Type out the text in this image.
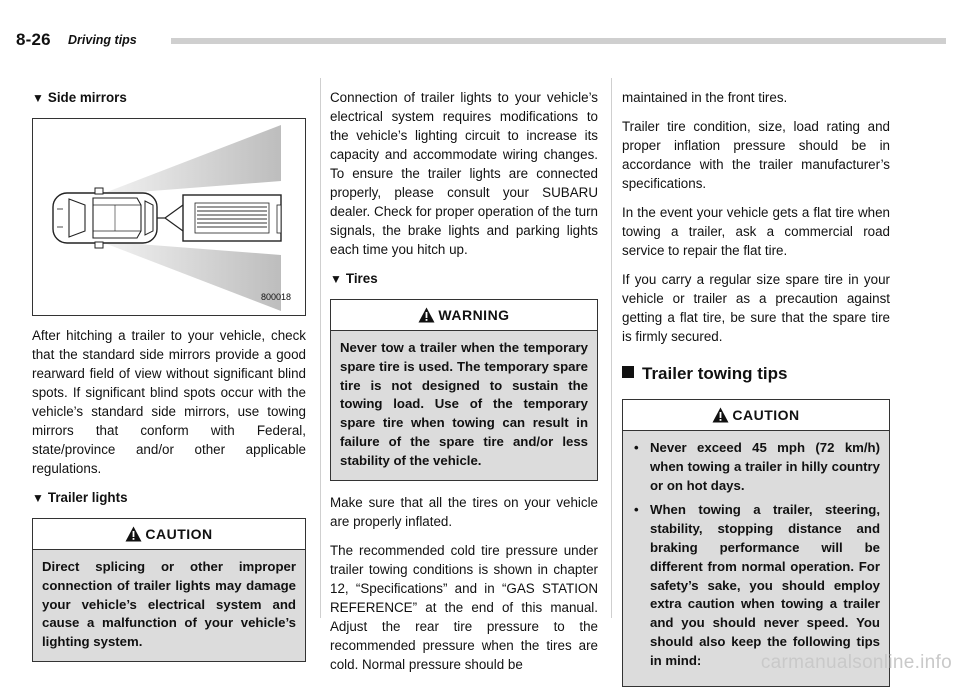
8-26 Driving tips
▼ Side mirrors
800018

After hitching a trailer to your vehicle, check that the standard side mirrors provide a good rearward field of view without significant blind spots. If significant blind spots occur with the vehicle’s standard side mirrors, use towing mirrors that conform with Federal, state/province and/or other applicable regulations.

▼ Trailer lights
CAUTION

Direct splicing or other improper connection of trailer lights may damage your vehicle’s electrical system and cause a malfunction of your vehicle’s lighting system.

Connection of trailer lights to your vehicle’s electrical system requires modifications to the vehicle’s lighting circuit to increase its capacity and accommodate wiring changes. To ensure the trailer lights are connected properly, please consult your SUBARU dealer. Check for proper operation of the turn signals, the brake lights and parking lights each time you hitch up.

▼ Tires
WARNING

Never tow a trailer when the temporary spare tire is used. The temporary spare tire is not designed to sustain the towing load. Use of the temporary spare tire when towing can result in failure of the spare tire and/or less stability of the vehicle.

Make sure that all the tires on your vehicle are properly inflated.

The recommended cold tire pressure under trailer towing conditions is shown in chapter 12, “Specifications” and in “GAS STATION REFERENCE” at the end of this manual. Adjust the rear tire pressure to the recommended pressure when the tires are cold. Normal pressure should be

maintained in the front tires.

Trailer tire condition, size, load rating and proper inflation pressure should be in accordance with the trailer manufacturer’s specifications.

In the event your vehicle gets a flat tire when towing a trailer, ask a commercial road service to repair the flat tire.

If you carry a regular size spare tire in your vehicle or trailer as a precaution against getting a flat tire, be sure that the spare tire is firmly secured.

Trailer towing tips
CAUTION
• Never exceed 45 mph (72 km/h) when towing a trailer in hilly country or on hot days.
• When towing a trailer, steering, stability, stopping distance and braking performance will be different from normal operation. For safety’s sake, you should employ extra caution when towing a trailer and you should never speed. You should also keep the following tips in mind:	carmanualsonline.info
